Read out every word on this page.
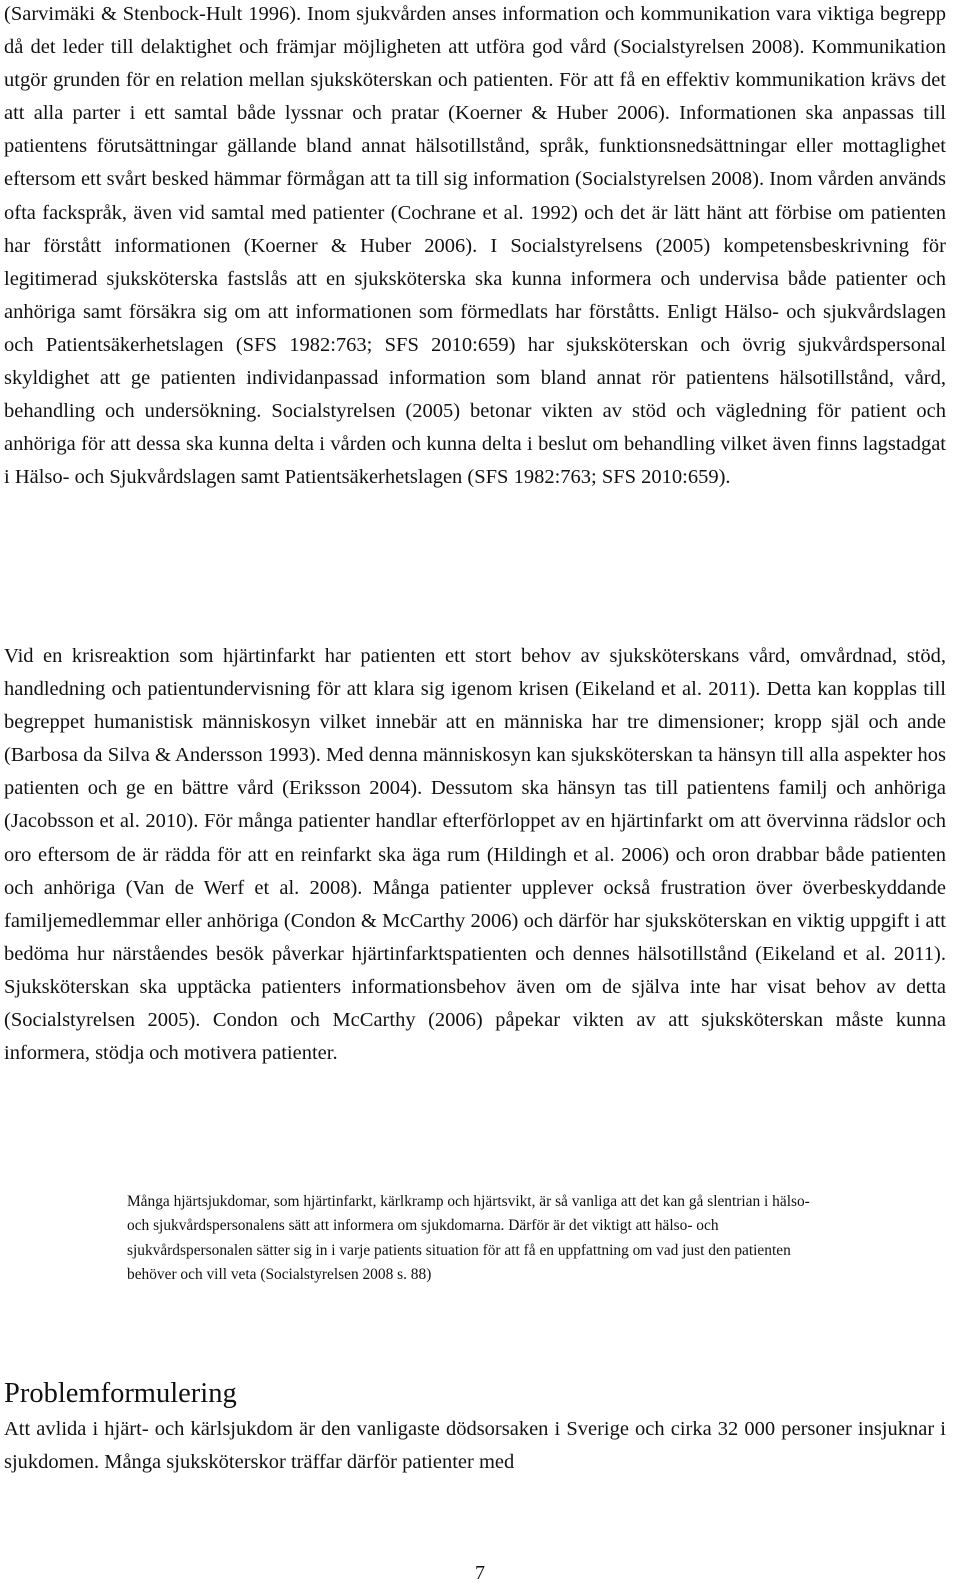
(Sarvimäki & Stenbock-Hult 1996). Inom sjukvården anses information och kommunikation vara viktiga begrepp då det leder till delaktighet och främjar möjligheten att utföra god vård (Socialstyrelsen 2008). Kommunikation utgör grunden för en relation mellan sjuksköterskan och patienten. För att få en effektiv kommunikation krävs det att alla parter i ett samtal både lyssnar och pratar (Koerner & Huber 2006). Informationen ska anpassas till patientens förutsättningar gällande bland annat hälsotillstånd, språk, funktionsnedsättningar eller mottaglighet eftersom ett svårt besked hämmar förmågan att ta till sig information (Socialstyrelsen 2008). Inom vården används ofta fackspråk, även vid samtal med patienter (Cochrane et al. 1992) och det är lätt hänt att förbise om patienten har förstått informationen (Koerner & Huber 2006). I Socialstyrelsens (2005) kompetensbeskrivning för legitimerad sjuksköterska fastslås att en sjuksköterska ska kunna informera och undervisa både patienter och anhöriga samt försäkra sig om att informationen som förmedlats har förståtts. Enligt Hälso- och sjukvårdslagen och Patientsäkerhetslagen (SFS 1982:763; SFS 2010:659) har sjuksköterskan och övrig sjukvårdspersonal skyldighet att ge patienten individanpassad information som bland annat rör patientens hälsotillstånd, vård, behandling och undersökning. Socialstyrelsen (2005) betonar vikten av stöd och vägledning för patient och anhöriga för att dessa ska kunna delta i vården och kunna delta i beslut om behandling vilket även finns lagstadgat i Hälso- och Sjukvårdslagen samt Patientsäkerhetslagen (SFS 1982:763; SFS 2010:659).

Vid en krisreaktion som hjärtinfarkt har patienten ett stort behov av sjuksköterskans vård, omvårdnad, stöd, handledning och patientundervisning för att klara sig igenom krisen (Eikeland et al. 2011). Detta kan kopplas till begreppet humanistisk människosyn vilket innebär att en människa har tre dimensioner; kropp själ och ande (Barbosa da Silva & Andersson 1993). Med denna människosyn kan sjuksköterskan ta hänsyn till alla aspekter hos patienten och ge en bättre vård (Eriksson 2004). Dessutom ska hänsyn tas till patientens familj och anhöriga (Jacobsson et al. 2010). För många patienter handlar efterförloppet av en hjärtinfarkt om att övervinna rädslor och oro eftersom de är rädda för att en reinfarkt ska äga rum (Hildingh et al. 2006) och oron drabbar både patienten och anhöriga (Van de Werf et al. 2008). Många patienter upplever också frustration över överbeskyddande familjemedlemmar eller anhöriga (Condon & McCarthy 2006) och därför har sjuksköterskan en viktig uppgift i att bedöma hur närståendes besök påverkar hjärtinfarktspatienten och dennes hälsotillstånd (Eikeland et al. 2011). Sjuksköterskan ska upptäcka patienters informationsbehov även om de själva inte har visat behov av detta (Socialstyrelsen 2005). Condon och McCarthy (2006) påpekar vikten av att sjuksköterskan måste kunna informera, stödja och motivera patienter.

Många hjärtsjukdomar, som hjärtinfarkt, kärlkramp och hjärtsvikt, är så vanliga att det kan gå slentrian i hälso- och sjukvårdspersonalens sätt att informera om sjukdomarna. Därför är det viktigt att hälso- och sjukvårdspersonalen sätter sig in i varje patients situation för att få en uppfattning om vad just den patienten behöver och vill veta (Socialstyrelsen 2008 s. 88)

Problemformulering

Att avlida i hjärt- och kärlsjukdom är den vanligaste dödsorsaken i Sverige och cirka 32 000 personer insjuknar i sjukdomen. Många sjuksköterskor träffar därför patienter med

7
